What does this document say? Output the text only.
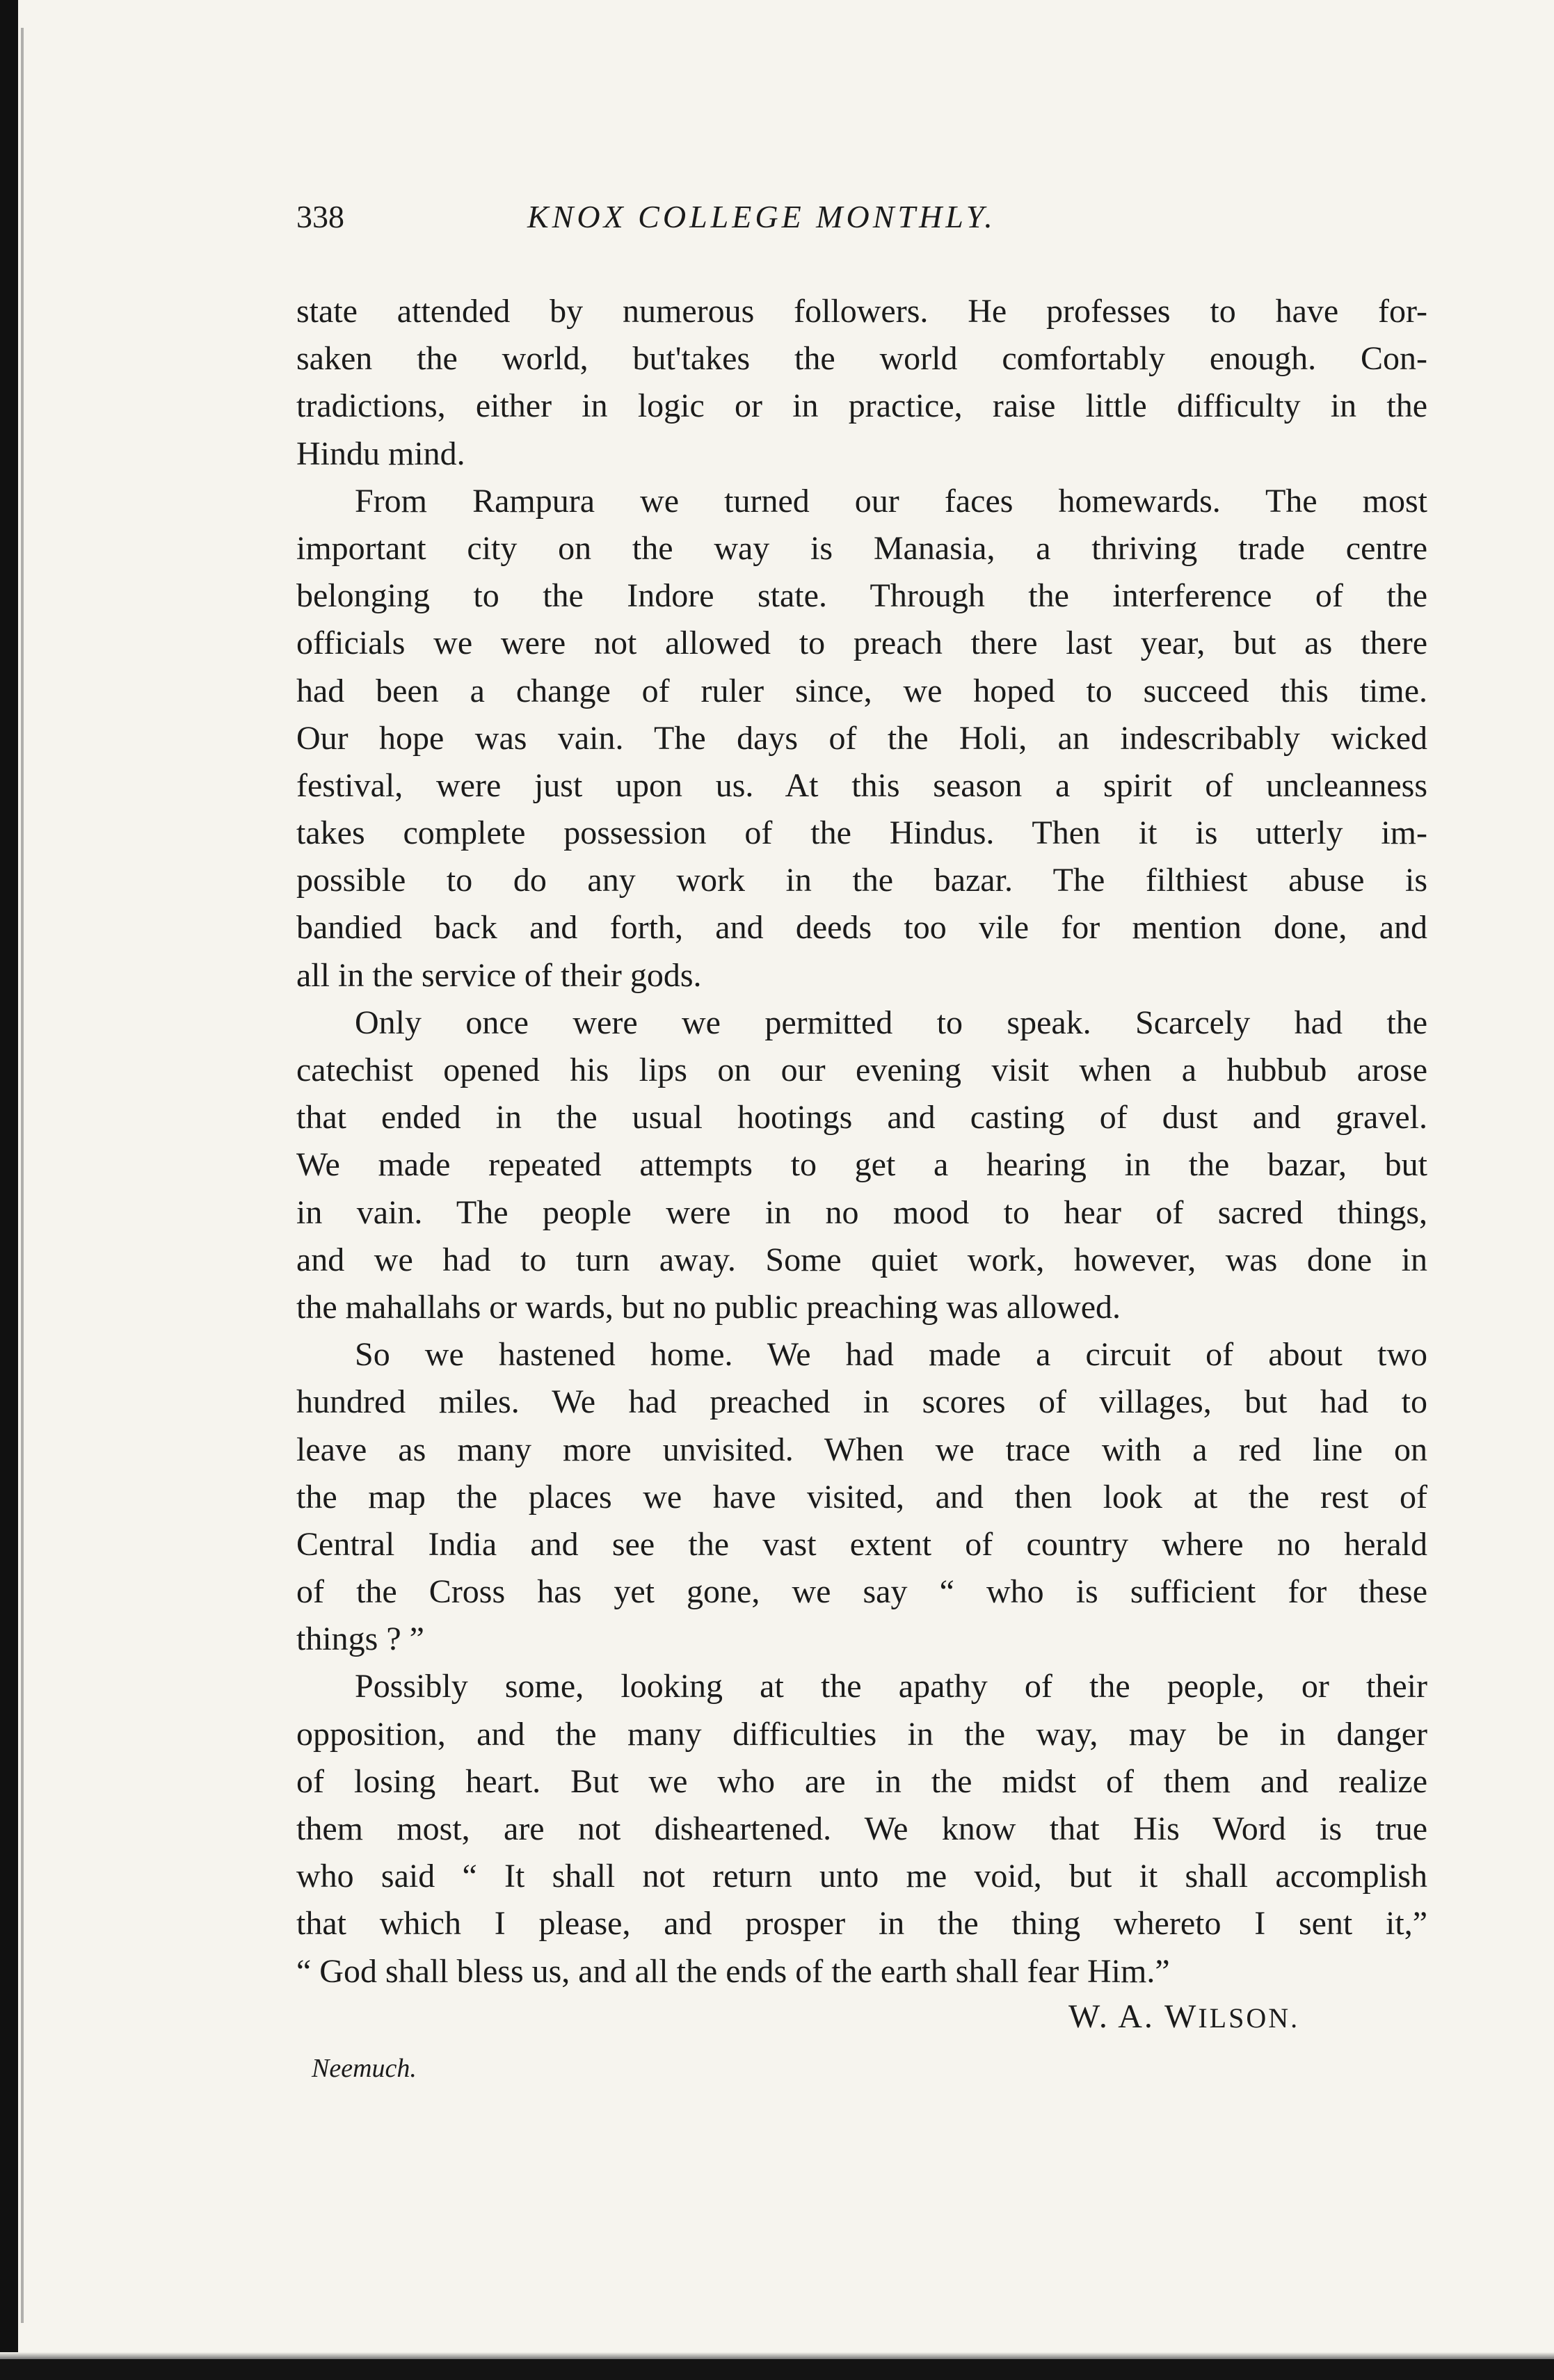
338	KNOX COLLEGE MONTHLY.
state attended by numerous followers. He professes to have for-
saken the world, but'takes the world comfortably enough. Con-
tradictions, either in logic or in practice, raise little difficulty in the
Hindu mind.
From Rampura we turned our faces homewards. The most
important city on the way is Manasia, a thriving trade centre
belonging to the Indore state. Through the interference of the
officials we were not allowed to preach there last year, but as there
had been a change of ruler since, we hoped to succeed this time.
Our hope was vain. The days of the Holi, an indescribably wicked
festival, were just upon us. At this season a spirit of uncleanness
takes complete possession of the Hindus. Then it is utterly im-
possible to do any work in the bazar. The filthiest abuse is
bandied back and forth, and deeds too vile for mention done, and
all in the service of their gods.
Only once were we permitted to speak. Scarcely had the
catechist opened his lips on our evening visit when a hubbub arose
that ended in the usual hootings and casting of dust and gravel.
We made repeated attempts to get a hearing in the bazar, but
in vain. The people were in no mood to hear of sacred things,
and we had to turn away. Some quiet work, however, was done in
the mahallahs or wards, but no public preaching was allowed.
So we hastened home. We had made a circuit of about two
hundred miles. We had preached in scores of villages, but had to
leave as many more unvisited. When we trace with a red line on
the map the places we have visited, and then look at the rest of
Central India and see the vast extent of country where no herald
of the Cross has yet gone, we say “ who is sufficient for these
things ? ”
Possibly some, looking at the apathy of the people, or their
opposition, and the many difficulties in the way, may be in danger
of losing heart. But we who are in the midst of them and realize
them most, are not disheartened. We know that His Word is true
who said “ It shall not return unto me void, but it shall accomplish
that which I please, and prosper in the thing whereto I sent it,”
“ God shall bless us, and all the ends of the earth shall fear Him.”
W. A. WILSON.
Neemuch.
